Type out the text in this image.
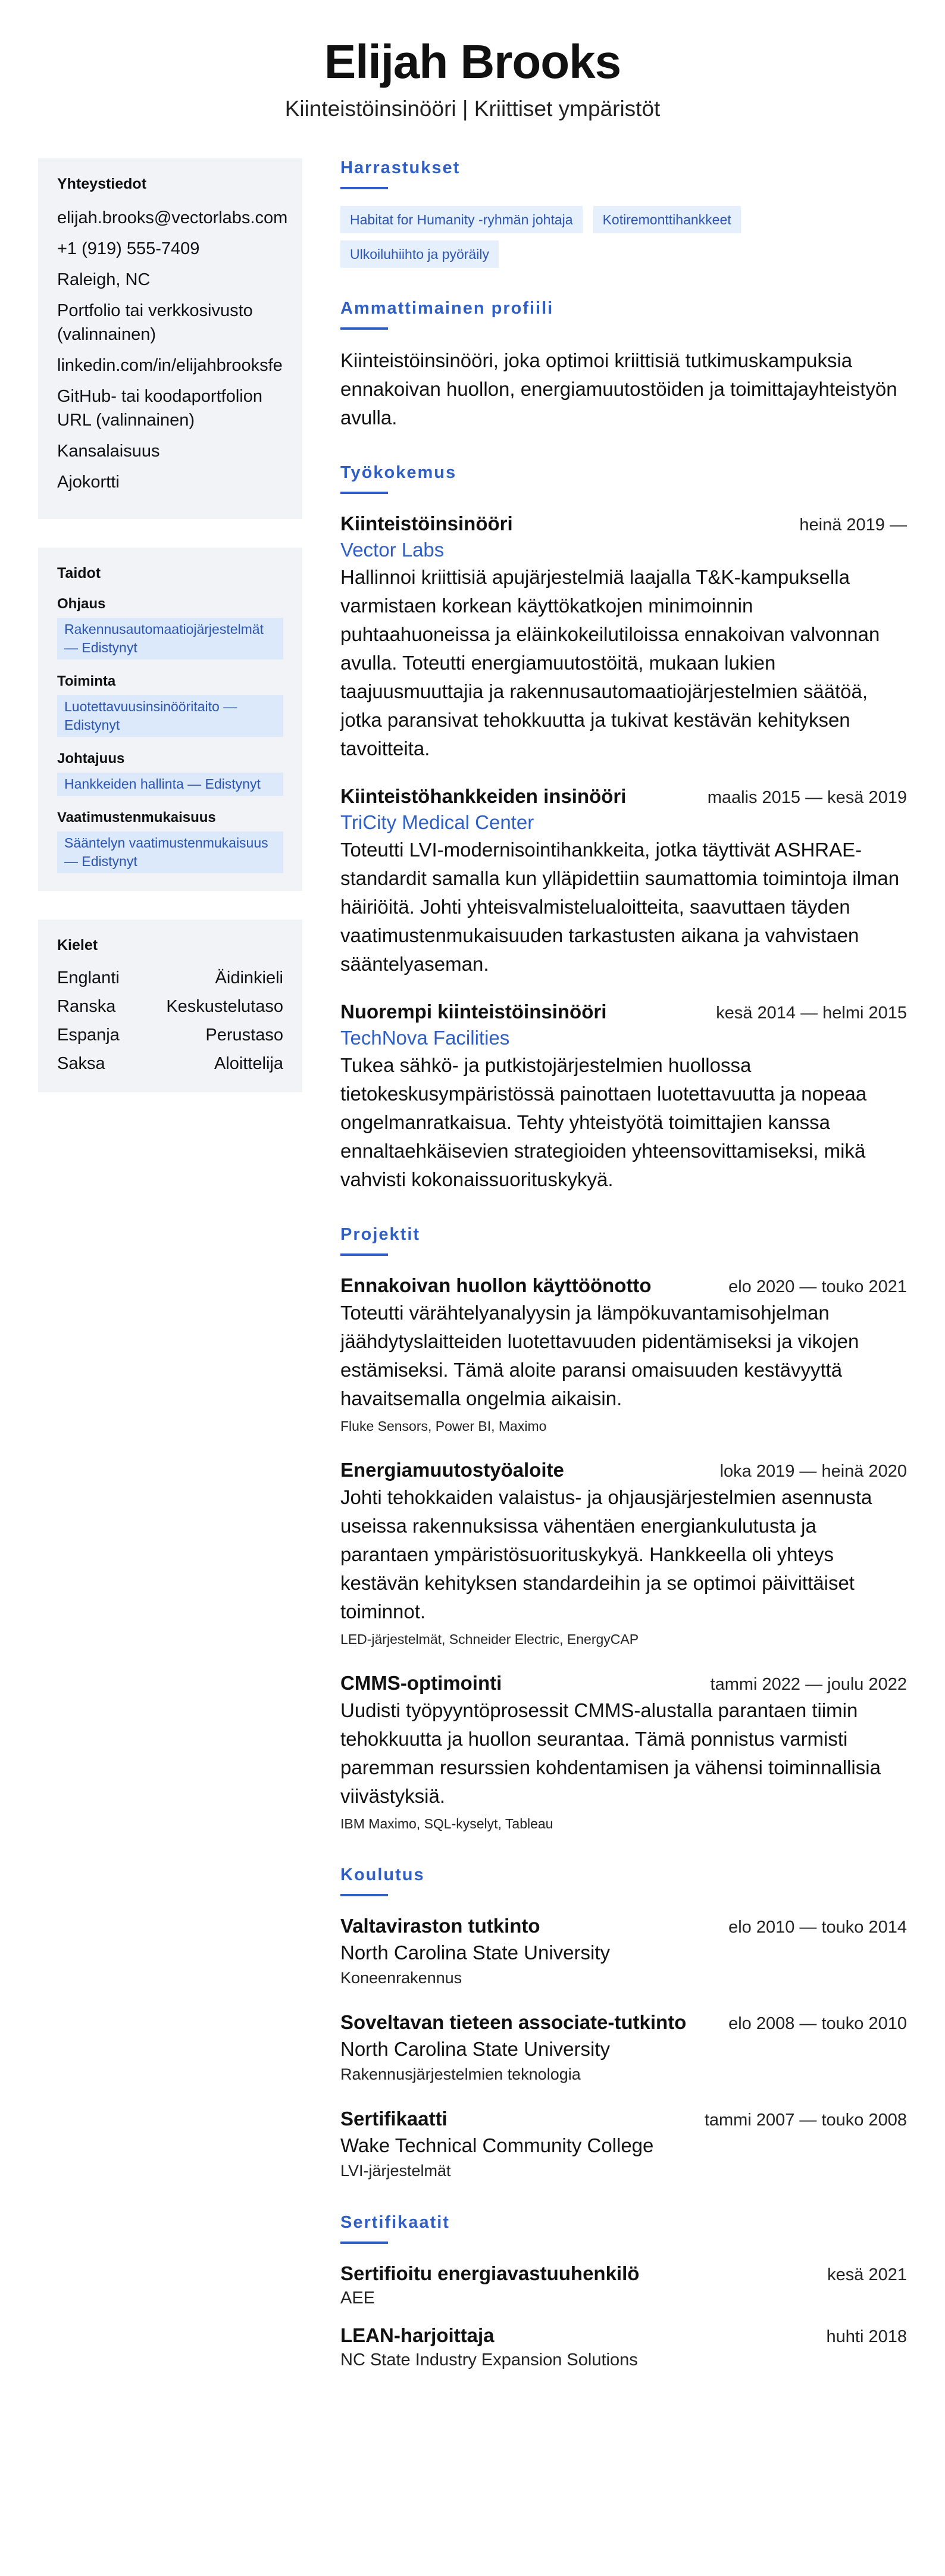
Elijah Brooks
Kiinteistöinsinööri | Kriittiset ympäristöt
Yhteystiedot
elijah.brooks@vectorlabs.com
+1 (919) 555-7409
Raleigh, NC
Portfolio tai verkkosivusto (valinnainen)
linkedin.com/in/elijahbrooksfe
GitHub- tai koodaportfolion URL (valinnainen)
Kansalaisuus
Ajokortti
Taidot
Ohjaus
Rakennusautomaatiojärjestelmät — Edistynyt
Toiminta
Luotettavuusinsinööritaito — Edistynyt
Johtajuus
Hankkeiden hallinta — Edistynyt
Vaatimustenmukaisuus
Sääntelyn vaatimustenmukaisuus — Edistynyt
Kielet
Englanti	Äidinkieli
Ranska	Keskustelutaso
Espanja	Perustaso
Saksa	Aloittelija
Harrastukset
Habitat for Humanity -ryhmän johtaja	Kotiremonttihankkeet
Ulkoiluhiihto ja pyöräily
Ammattimainen profiili
Kiinteistöinsinööri, joka optimoi kriittisiä tutkimuskampuksia ennakoivan huollon, energiamuutostöiden ja toimittajayhteistyön avulla.
Työkokemus
Kiinteistöinsinööri	heinä 2019 —
Vector Labs
Hallinnoi kriittisiä apujärjestelmiä laajalla T&K-kampuksella varmistaen korkean käyttökatkojen minimoinnin puhtaahuoneissa ja eläinkokeilutiloissa ennakoivan valvonnan avulla. Toteutti energiamuutostöitä, mukaan lukien taajuusmuuttajia ja rakennusautomaatiojärjestelmien säätöä, jotka paransivat tehokkuutta ja tukivat kestävän kehityksen tavoitteita.
Kiinteistöhankkeiden insinööri	maalis 2015 — kesä 2019
TriCity Medical Center
Toteutti LVI-modernisointihankkeita, jotka täyttivät ASHRAE-standardit samalla kun ylläpidettiin saumattomia toimintoja ilman häiriöitä. Johti yhteisvalmistelualoitteita, saavuttaen täyden vaatimustenmukaisuuden tarkastusten aikana ja vahvistaen sääntelyaseman.
Nuorempi kiinteistöinsinööri	kesä 2014 — helmi 2015
TechNova Facilities
Tukea sähkö- ja putkistojärjestelmien huollossa tietokeskusympäristössä painottaen luotettavuutta ja nopeaa ongelmanratkaisua. Tehty yhteistyötä toimittajien kanssa ennaltaehkäisevien strategioiden yhteensovittamiseksi, mikä vahvisti kokonaissuorituskykyä.
Projektit
Ennakoivan huollon käyttöönotto	elo 2020 — touko 2021
Toteutti värähtelyanalyysin ja lämpökuvantamisohjelman jäähdytyslaitteiden luotettavuuden pidentämiseksi ja vikojen estämiseksi. Tämä aloite paransi omaisuuden kestävyyttä havaitsemalla ongelmia aikaisin.
Fluke Sensors, Power BI, Maximo
Energiamuutostyöaloite	loka 2019 — heinä 2020
Johti tehokkaiden valaistus- ja ohjausjärjestelmien asennusta useissa rakennuksissa vähentäen energiankulutusta ja parantaen ympäristösuorituskykyä. Hankkeella oli yhteys kestävän kehityksen standardeihin ja se optimoi päivittäiset toiminnot.
LED-järjestelmät, Schneider Electric, EnergyCAP
CMMS-optimointi	tammi 2022 — joulu 2022
Uudisti työpyyntöprosessit CMMS-alustalla parantaen tiimin tehokkuutta ja huollon seurantaa. Tämä ponnistus varmisti paremman resurssien kohdentamisen ja vähensi toiminnallisia viivästyksiä.
IBM Maximo, SQL-kyselyt, Tableau
Koulutus
Valtaviraston tutkinto	elo 2010 — touko 2014
North Carolina State University
Koneenrakennus
Soveltavan tieteen associate-tutkinto elo 2008 — touko 2010
North Carolina State University
Rakennusjärjestelmien teknologia
Sertifikaatti	tammi 2007 — touko 2008
Wake Technical Community College
LVI-järjestelmät
Sertifikaatit
Sertifioitu energiavastuuhenkilö	kesä 2021
AEE
LEAN-harjoittaja	huhti 2018
NC State Industry Expansion Solutions
